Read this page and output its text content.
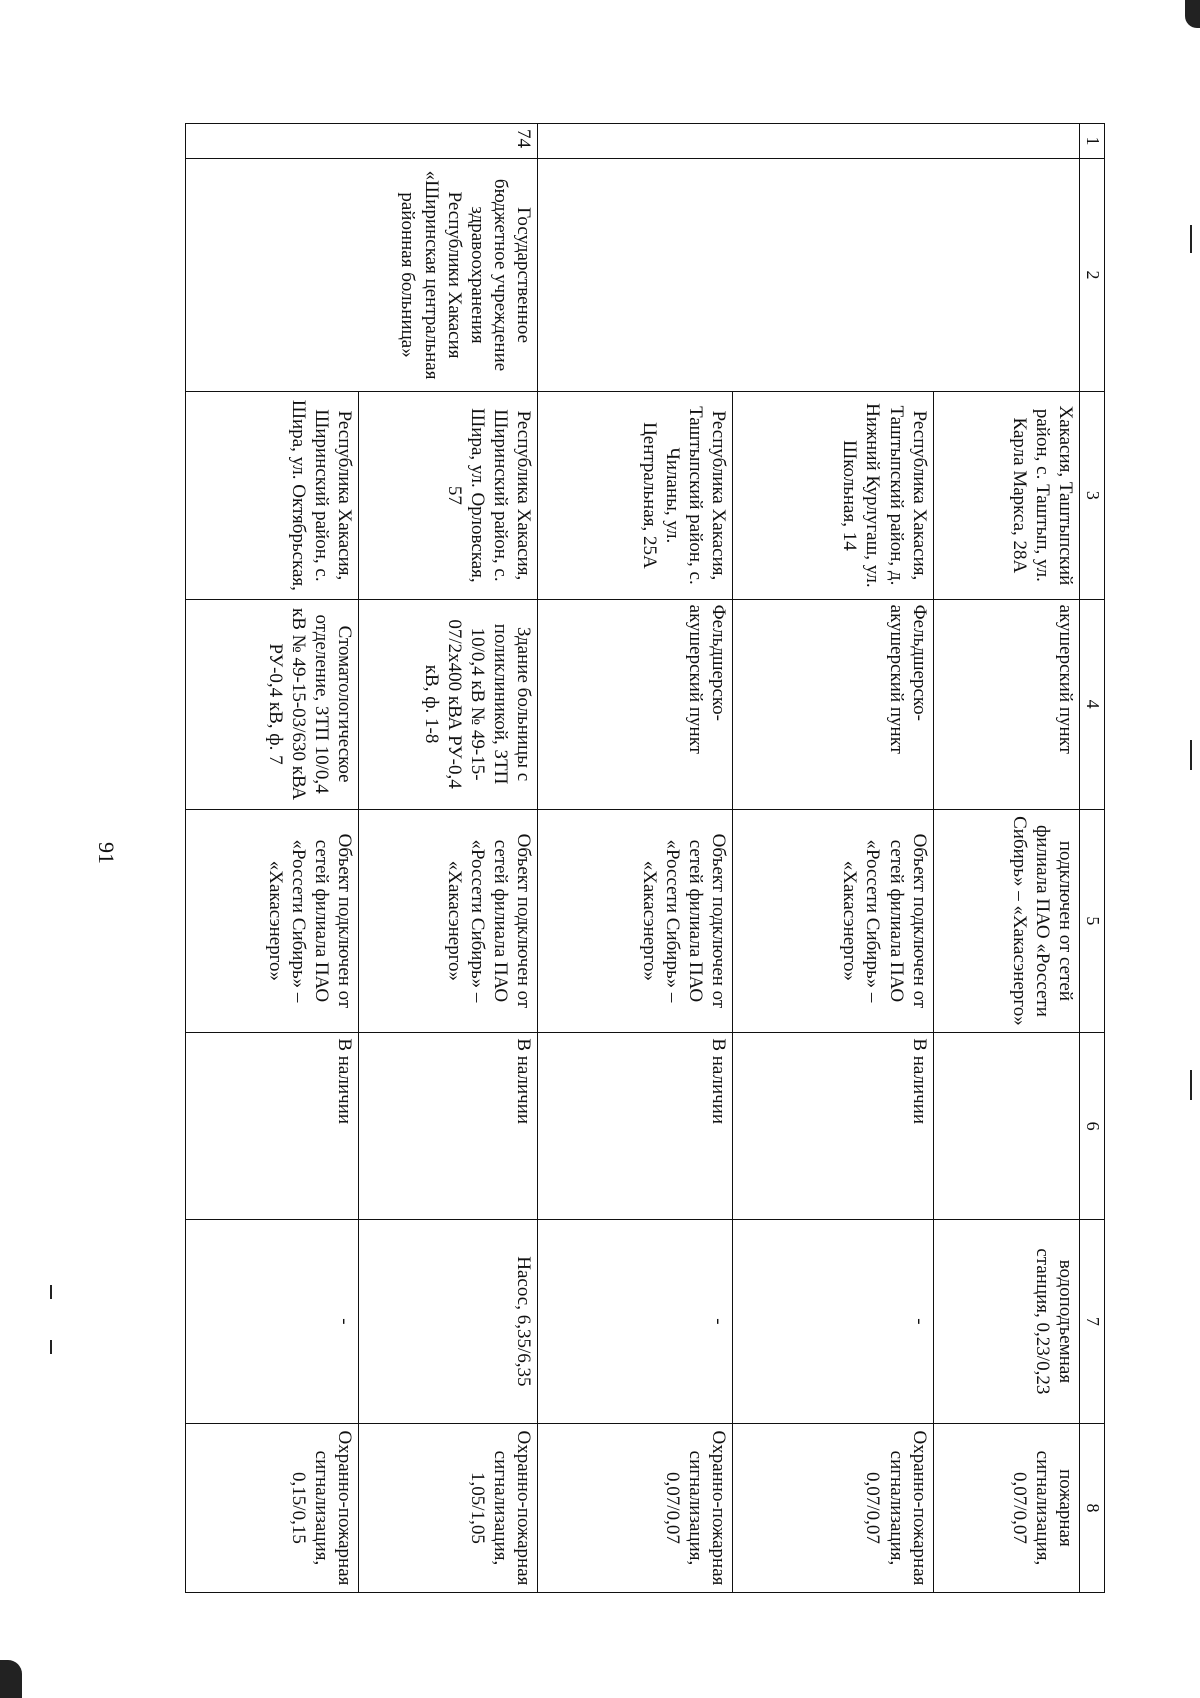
91
1	2	3	4	5	6	7	8
		Хакасия, Таштыпский район, с. Таштып, ул. Карла Маркса, 28А	акушерский пункт	подключен от сетей филиала ПАО «Россети Сибирь» – «Хакасэнерго»		водоподъемная станция, 0,23/0,23	пожарная сигнализация, 0,07/0,07
		Республика Хакасия, Таштыпский район, д. Нижний Курлугаш, ул. Школьная, 14	Фельдшерско-акушерский пункт	Объект подключен от сетей филиала ПАО «Россети Сибирь» – «Хакасэнерго»	В наличии	-	Охранно-пожарная сигнализация, 0,07/0,07
		Республика Хакасия, Таштыпский район, с. Чиланы, ул. Центральная, 25А	Фельдшерско-акушерский пункт	Объект подключен от сетей филиала ПАО «Россети Сибирь» – «Хакасэнерго»	В наличии	-	Охранно-пожарная сигнализация, 0,07/0,07
74	Государственное бюджетное учреждение здравоохранения Республики Хакасия «Ширинская центральная районная больница»	Республика Хакасия, Ширинский район, с. Шира, ул. Орловская, 57	Здание больницы с поликлиникой, ЗТП 10/0,4 кВ № 49-15-07/2х400 кВА РУ-0,4 кВ, ф. 1-8	Объект подключен от сетей филиала ПАО «Россети Сибирь» – «Хакасэнерго»	В наличии	Насос, 6,35/6,35	Охранно-пожарная сигнализация, 1,05/1,05
		Республика Хакасия, Ширинский район, с. Шира, ул. Октябрьская,	Стоматологическое отделение, ЗТП 10/0,4 кВ № 49-15-03/630 кВА РУ-0,4 кВ, ф. 7	Объект подключен от сетей филиала ПАО «Россети Сибирь» – «Хакасэнерго»	В наличии	-	Охранно-пожарная сигнализация, 0,15/0,15
